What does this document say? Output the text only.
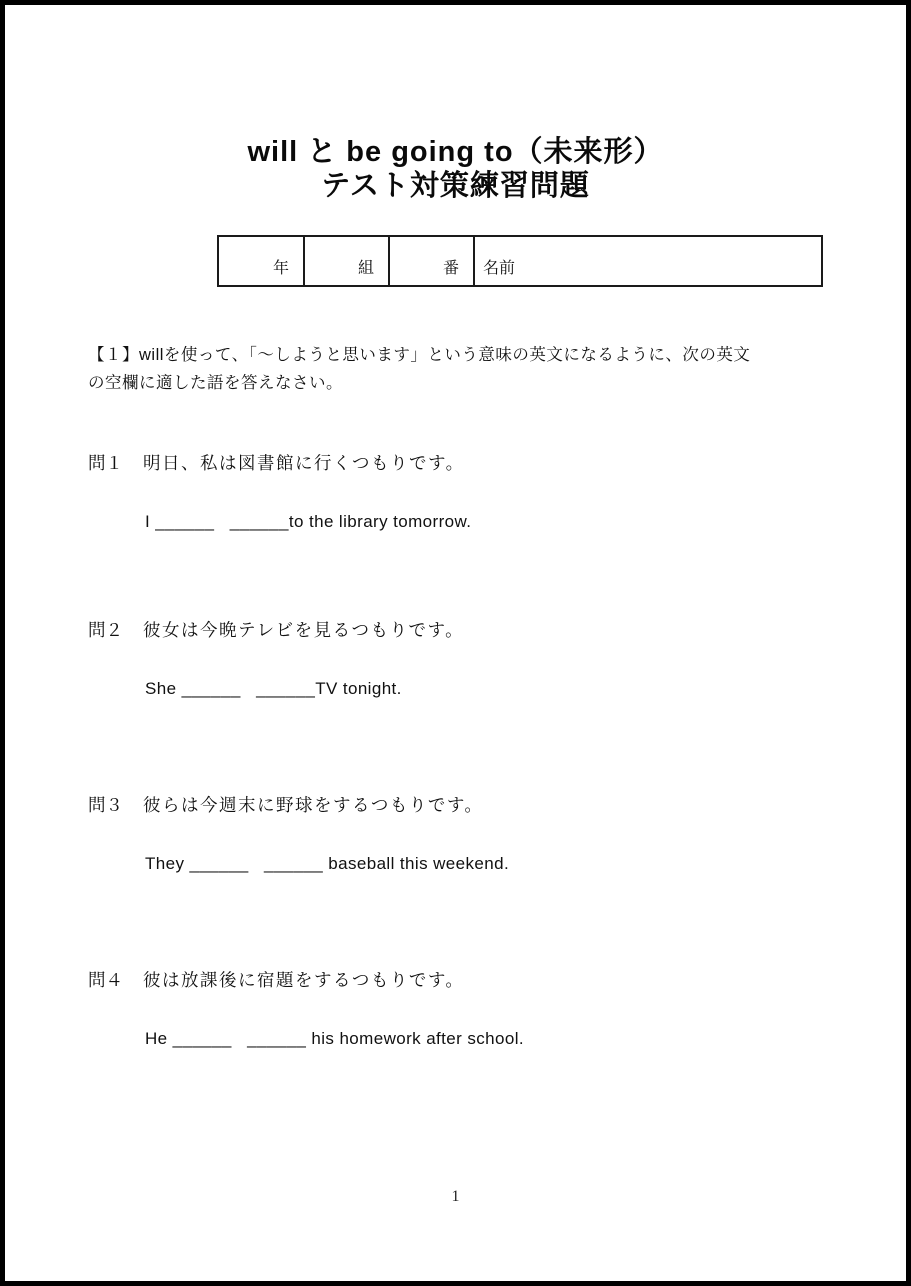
will と be going to（未来形）
テスト対策練習問題
年	組	番 名前
【１】willを使って、「〜しようと思います」という意味の英文になるように、次の英文
の空欄に適した語を答えなさい。
問１	明日、私は図書館に行くつもりです。
I ______   ______to the library tomorrow.
問２	彼女は今晩テレビを見るつもりです。
She ______   ______TV tonight.
問３	彼らは今週末に野球をするつもりです。
They ______   ______ baseball this weekend.
問４	彼は放課後に宿題をするつもりです。
He ______   ______ his homework after school.
1
